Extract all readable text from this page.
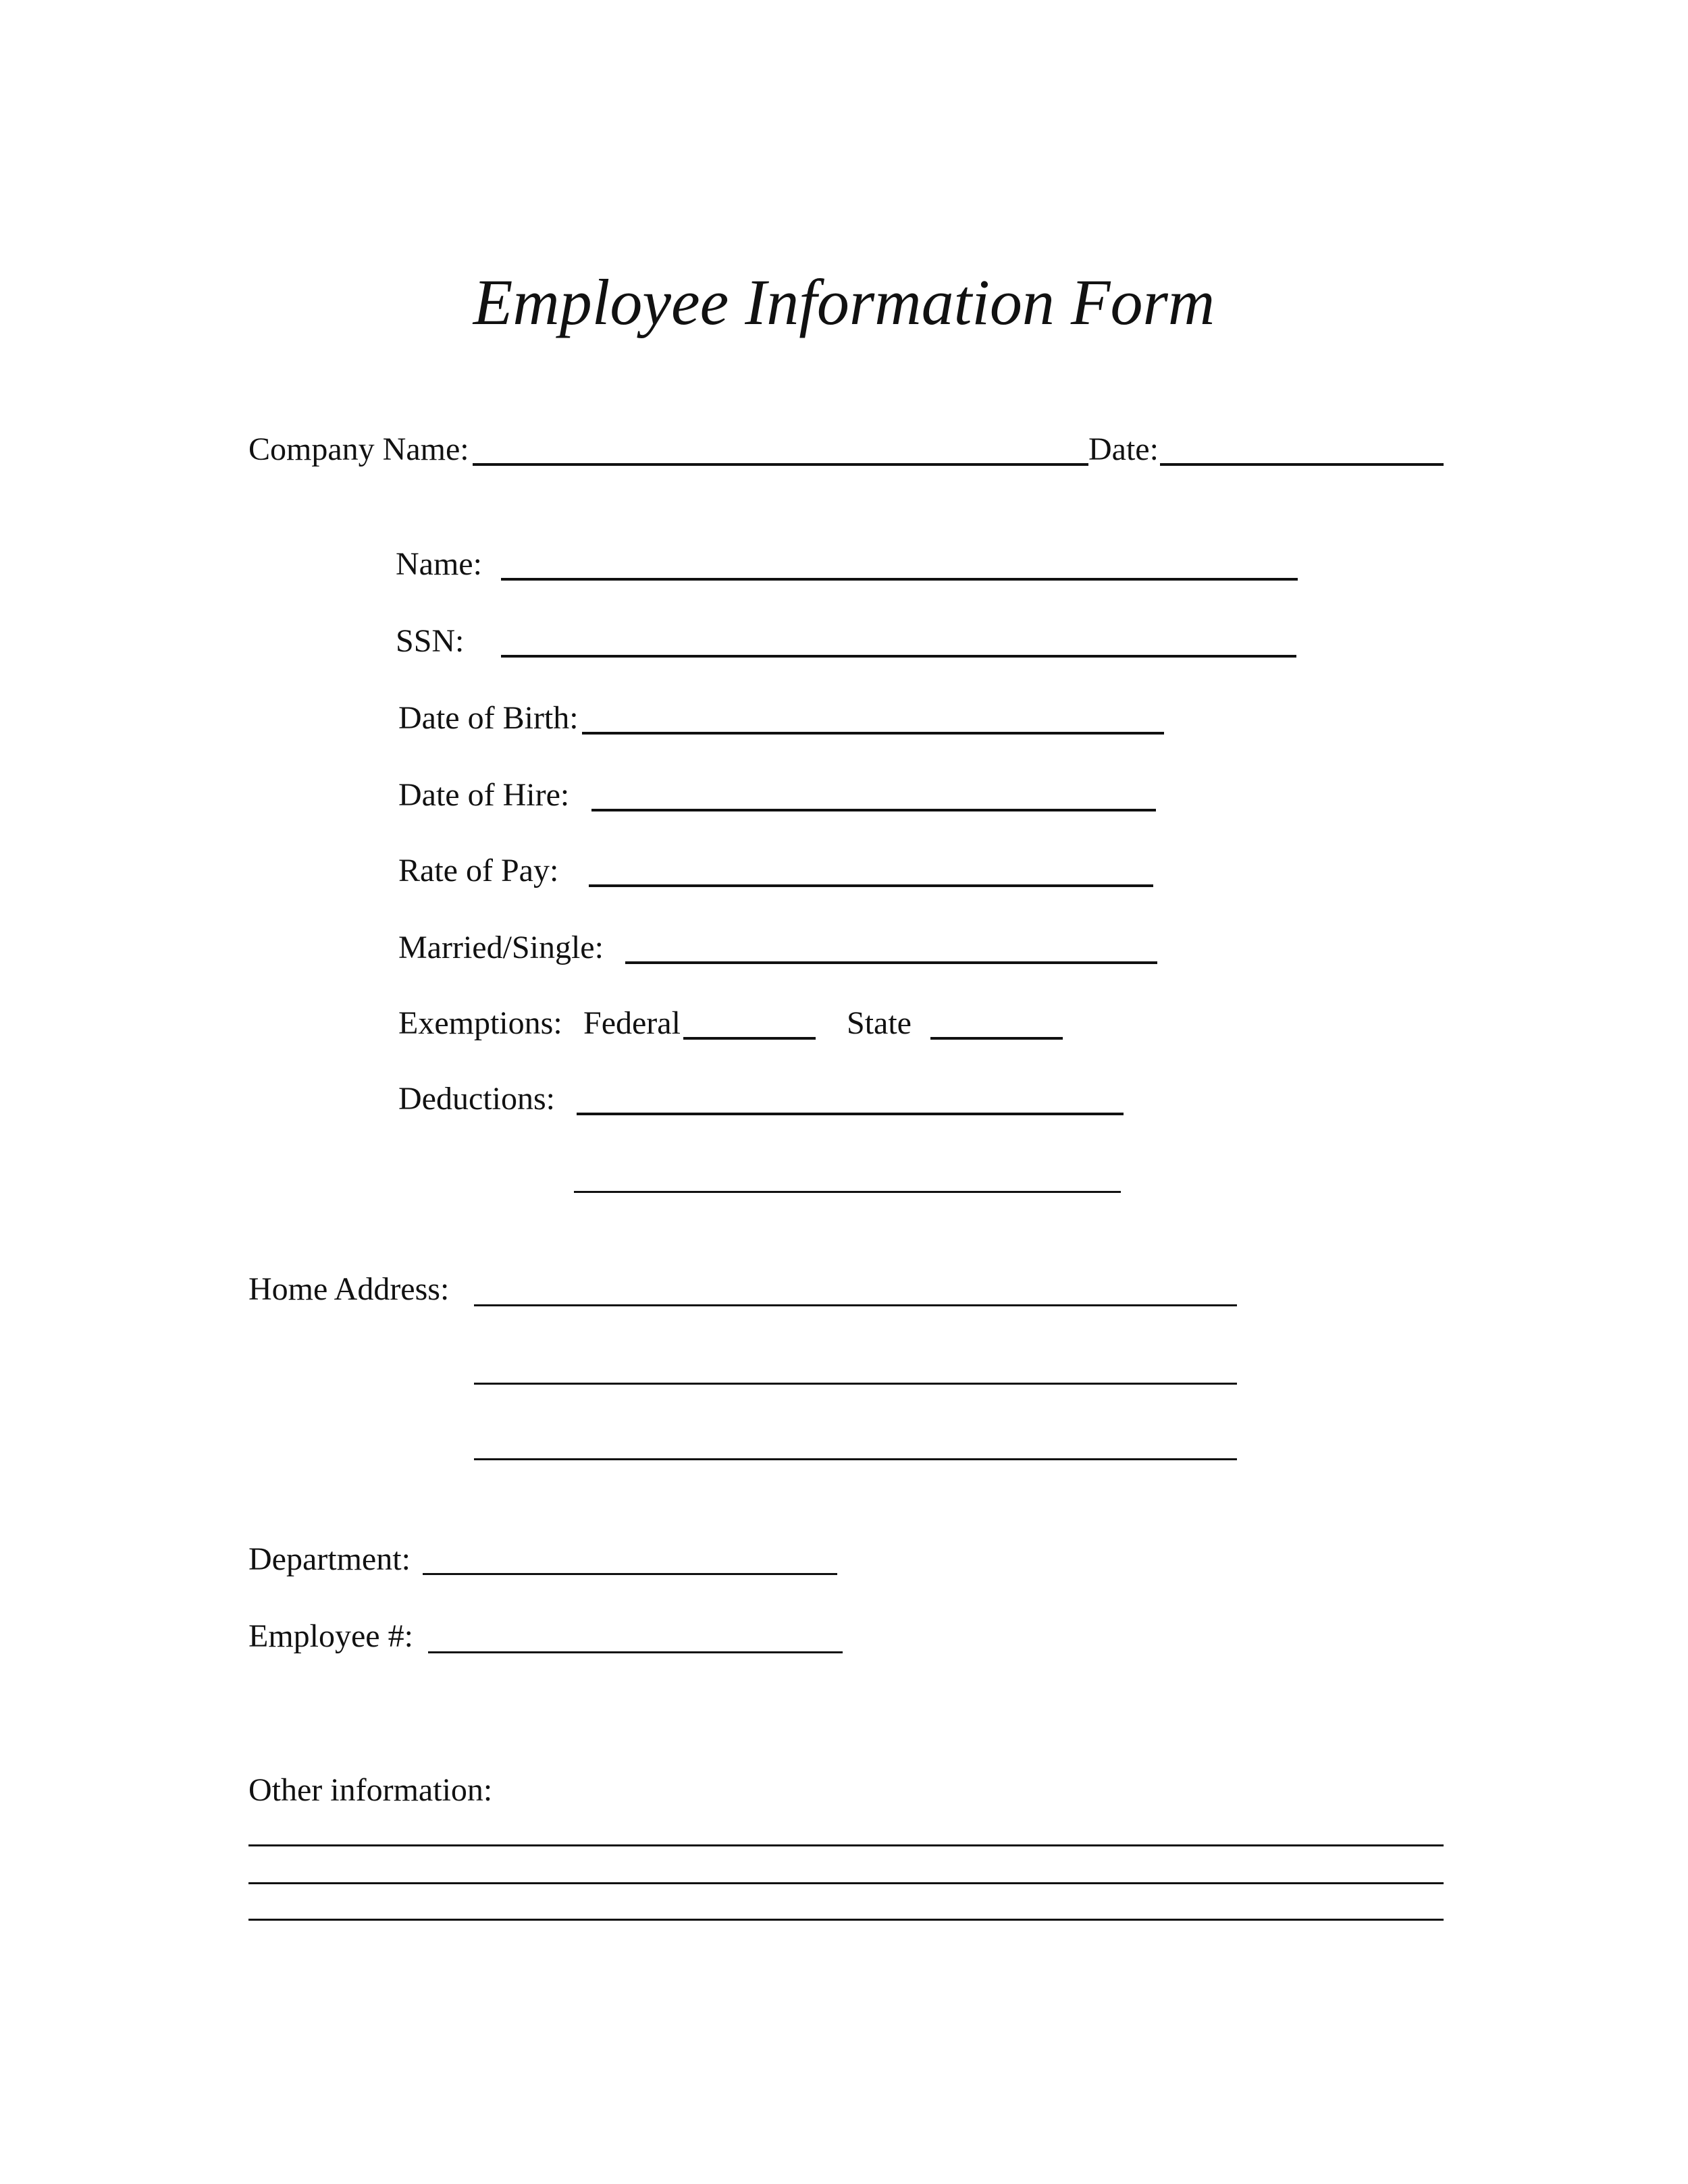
Employee Information Form
Company Name:	Date:
Name:
SSN:
Date of Birth:
Date of Hire:
Rate of Pay:
Married/Single:
Exemptions: Federal	State
Deductions:
Home Address:
Department:
Employee #:
Other information:
